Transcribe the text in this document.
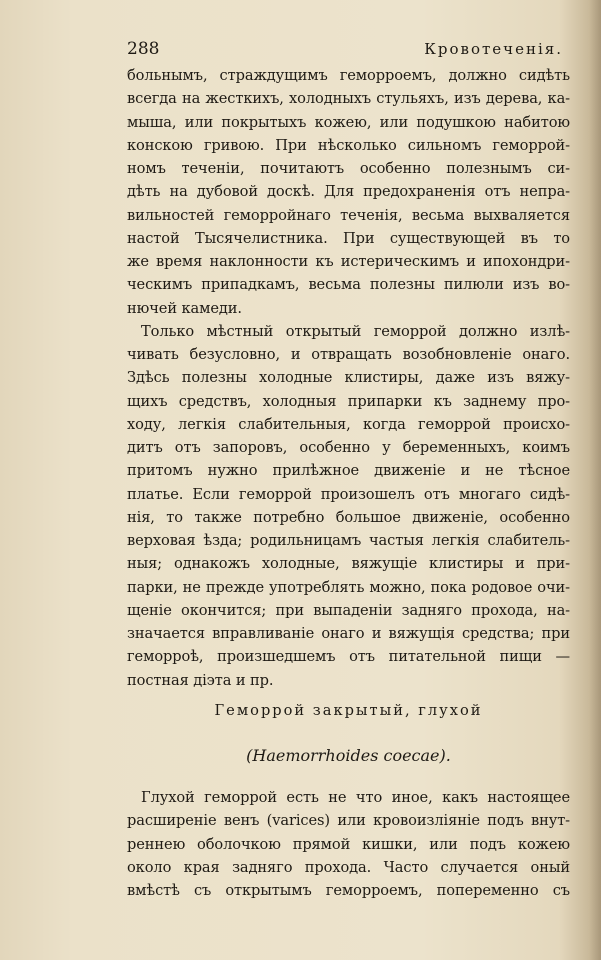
288	Кровотеченія.
больнымъ, страждущимъ геморроемъ, должно сидѣть
всегда на жесткихъ, холодныхъ стульяхъ, изъ дерева, ка-
мыша, или покрытыхъ кожею, или подушкою набитою
конскою гривою. При нѣсколько сильномъ геморрой-
номъ теченіи, почитаютъ особенно полезнымъ си-
дѣть на дубовой доскѣ. Для предохраненія отъ непра-
вильностей геморройнаго теченія, весьма выхваляется
настой Тысячелистника. При существующей въ то
же время наклонности къ истерическимъ и ипохондри-
ческимъ припадкамъ, весьма полезны пилюли изъ во-
нючей камеди.
Только мѣстный открытый геморрой должно излѣ-
чивать безусловно, и отвращать возобновленіе онаго.
Здѣсь полезны холодные клистиры, даже изъ вяжу-
щихъ средствъ, холодныя припарки къ заднему про-
ходу, легкія слабительныя, когда геморрой происхо-
дитъ отъ запоровъ, особенно у беременныхъ, коимъ
притомъ нужно прилѣжное движеніе и не тѣсное
платье. Если геморрой произошелъ отъ многаго сидѣ-
нія, то также потребно большое движеніе, особенно
верховая ѣзда; родильницамъ частыя легкія слабитель-
ныя; однакожъ холодные, вяжущіе клистиры и при-
парки, не прежде употреблять можно, пока родовое очи-
щеніе окончится; при выпаденіи задняго прохода, на-
значается вправливаніе онаго и вяжущія средства; при
геморроѣ, произшедшемъ отъ питательной пищи —
постная діэта и пр.
Геморрой закрытый, глухой
(Haemorrhoides coecae).
Глухой геморрой есть не что иное, какъ настоящее
расширеніе венъ (varices) или кровоизліяніе подъ внут-
реннею оболочкою прямой кишки, или подъ кожею
около края задняго прохода. Часто случается оный
вмѣстѣ съ открытымъ геморроемъ, попеременно съ
